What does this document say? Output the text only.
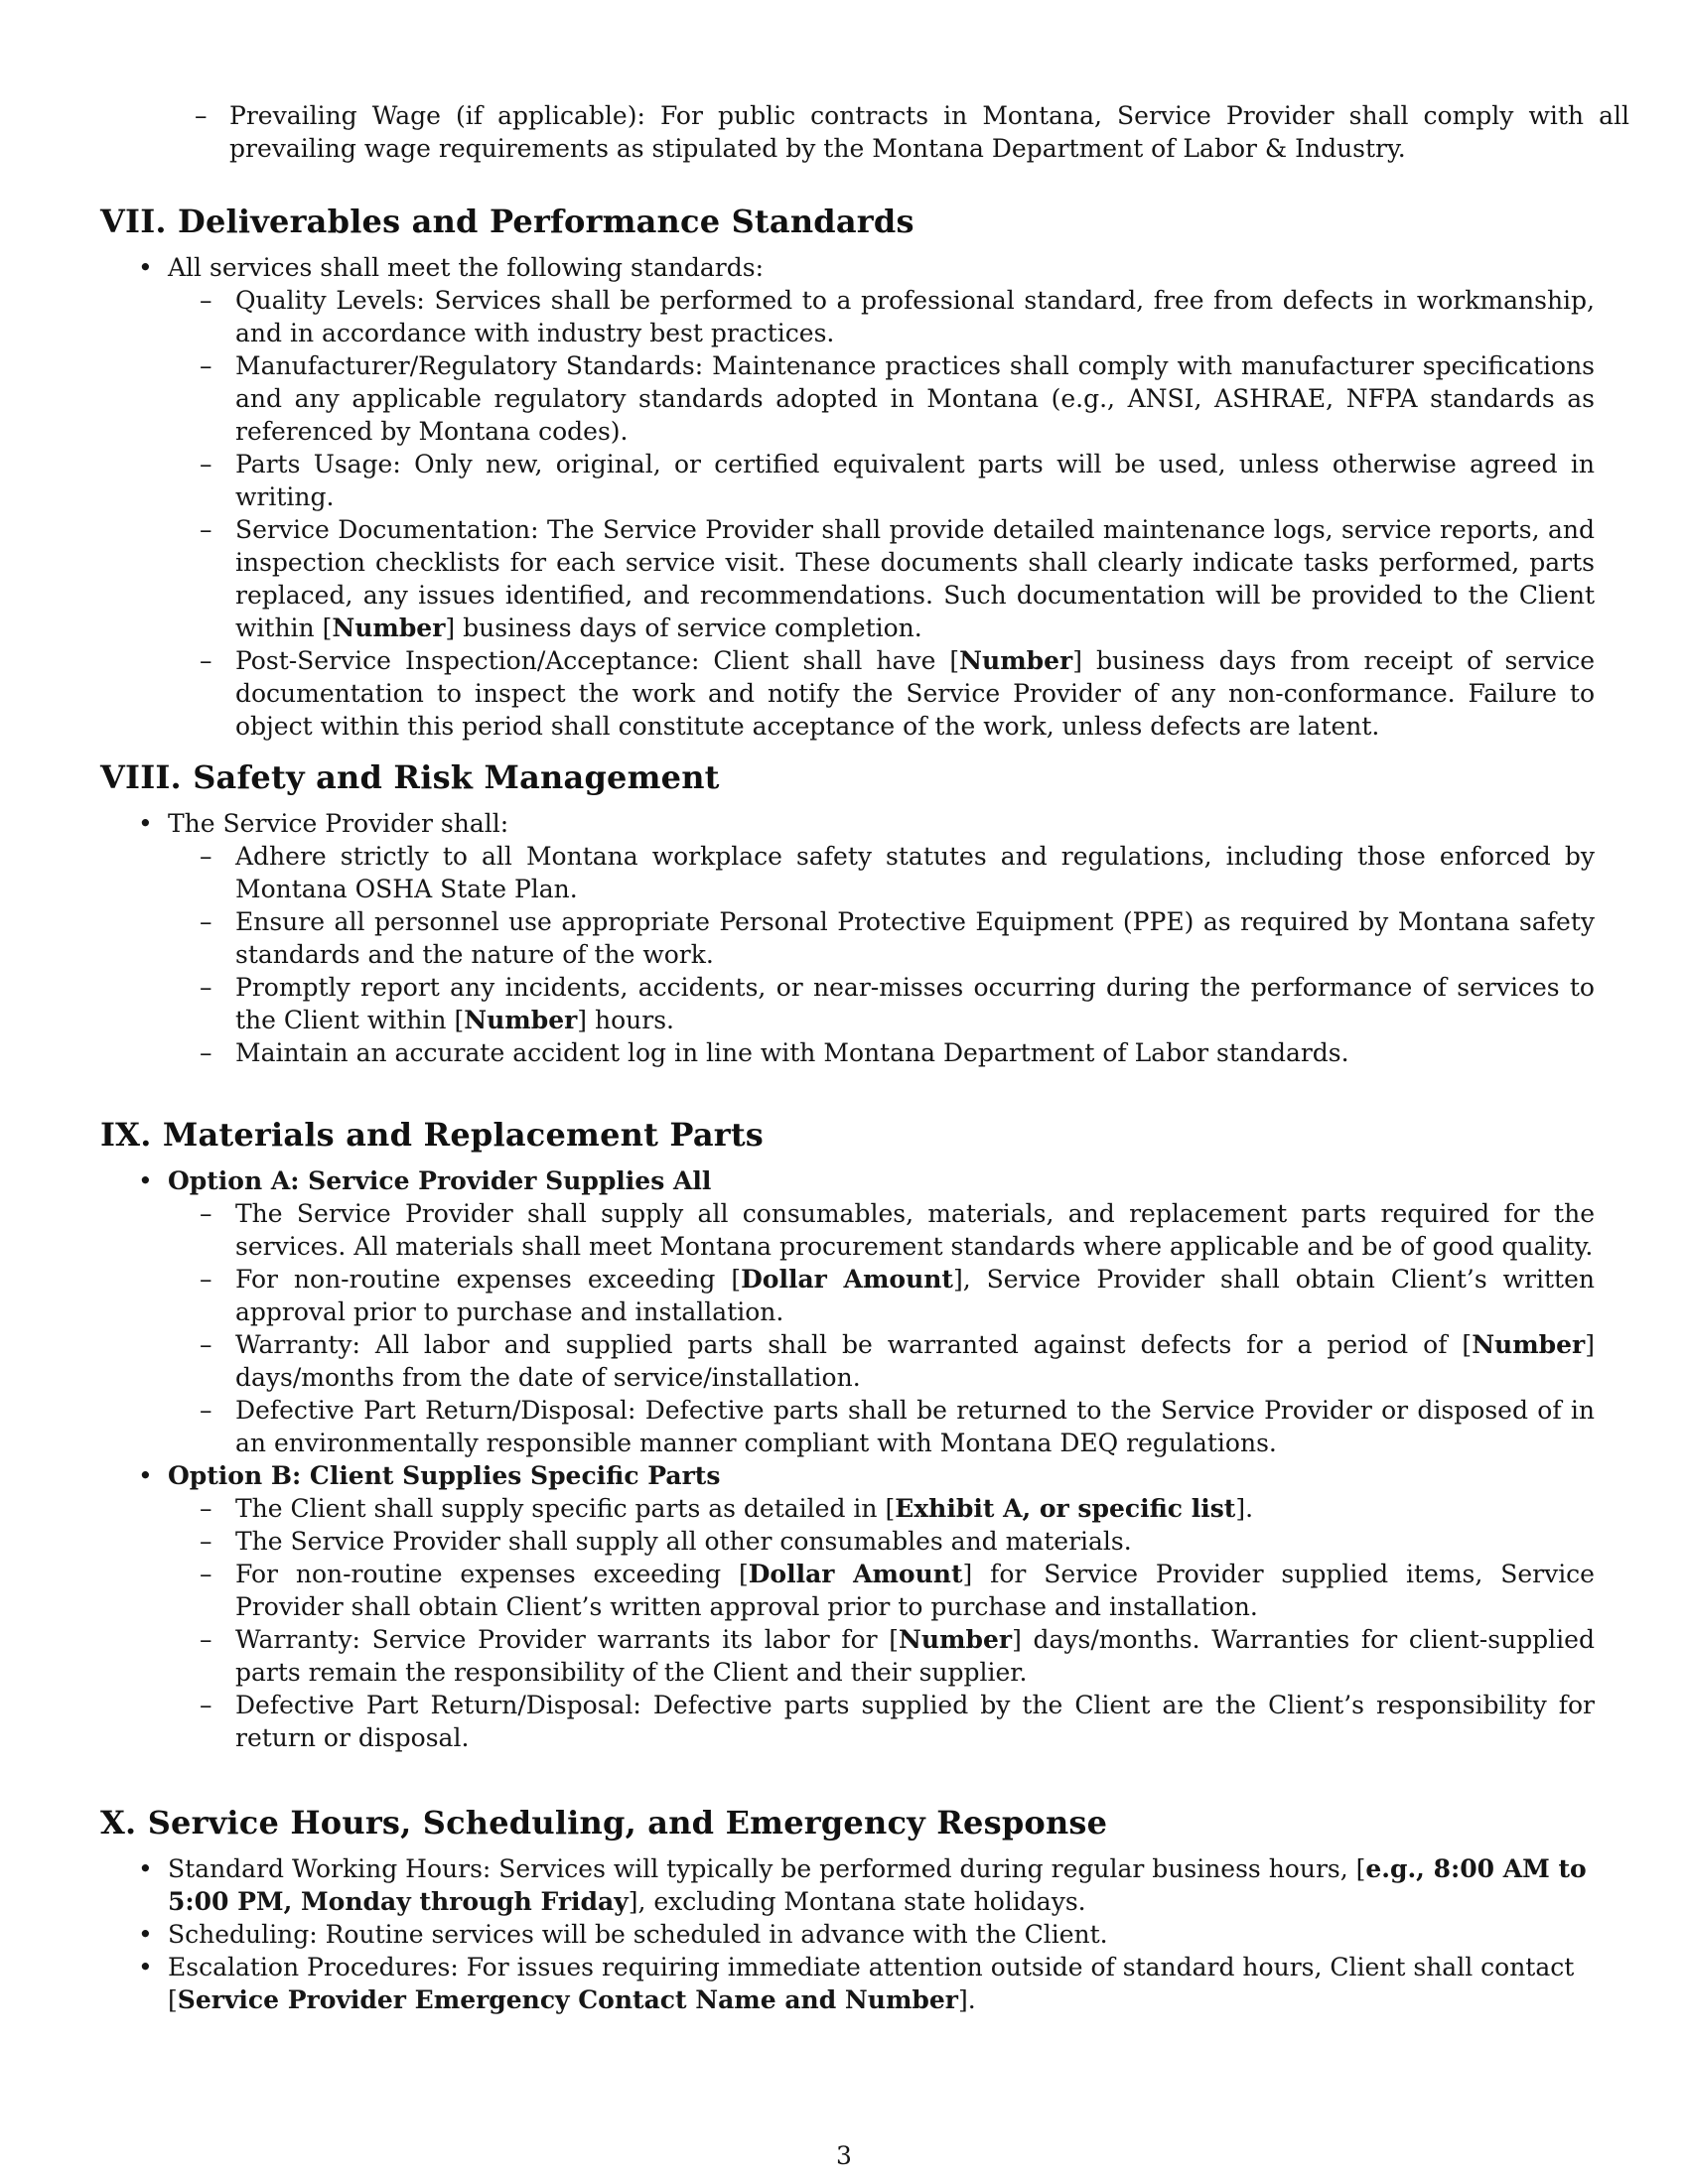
– Prevailing Wage (if applicable): For public contracts in Montana, Service Provider shall comply with all prevailing wage requirements as stipulated by the Montana Department of Labor & Industry.
VII. Deliverables and Performance Standards
• All services shall meet the following standards:
– Quality Levels: Services shall be performed to a professional standard, free from defects in workmanship, and in accordance with industry best practices.
– Manufacturer/Regulatory Standards: Maintenance practices shall comply with manufacturer specifications and any applicable regulatory standards adopted in Montana (e.g., ANSI, ASHRAE, NFPA standards as referenced by Montana codes).
– Parts Usage: Only new, original, or certified equivalent parts will be used, unless otherwise agreed in writing.
– Service Documentation: The Service Provider shall provide detailed maintenance logs, service reports, and inspection checklists for each service visit. These documents shall clearly indicate tasks performed, parts replaced, any issues identified, and recommendations. Such documentation will be provided to the Client within [Number] business days of service completion.
– Post-Service Inspection/Acceptance: Client shall have [Number] business days from receipt of service documentation to inspect the work and notify the Service Provider of any non-conformance. Failure to object within this period shall constitute acceptance of the work, unless defects are latent.
VIII. Safety and Risk Management
• The Service Provider shall:
– Adhere strictly to all Montana workplace safety statutes and regulations, including those enforced by Montana OSHA State Plan.
– Ensure all personnel use appropriate Personal Protective Equipment (PPE) as required by Montana safety standards and the nature of the work.
– Promptly report any incidents, accidents, or near-misses occurring during the performance of services to the Client within [Number] hours.
– Maintain an accurate accident log in line with Montana Department of Labor standards.
IX. Materials and Replacement Parts
• Option A: Service Provider Supplies All
– The Service Provider shall supply all consumables, materials, and replacement parts required for the services. All materials shall meet Montana procurement standards where applicable and be of good quality.
– For non-routine expenses exceeding [Dollar Amount], Service Provider shall obtain Client’s written approval prior to purchase and installation.
– Warranty: All labor and supplied parts shall be warranted against defects for a period of [Number] days/months from the date of service/installation.
– Defective Part Return/Disposal: Defective parts shall be returned to the Service Provider or disposed of in an environmentally responsible manner compliant with Montana DEQ regulations.
• Option B: Client Supplies Specific Parts
– The Client shall supply specific parts as detailed in [Exhibit A, or specific list].
– The Service Provider shall supply all other consumables and materials.
– For non-routine expenses exceeding [Dollar Amount] for Service Provider supplied items, Service Provider shall obtain Client’s written approval prior to purchase and installation.
– Warranty: Service Provider warrants its labor for [Number] days/months. Warranties for client-supplied parts remain the responsibility of the Client and their supplier.
– Defective Part Return/Disposal: Defective parts supplied by the Client are the Client’s responsibility for return or disposal.
X. Service Hours, Scheduling, and Emergency Response
• Standard Working Hours: Services will typically be performed during regular business hours, [e.g., 8:00 AM to 5:00 PM, Monday through Friday], excluding Montana state holidays.
• Scheduling: Routine services will be scheduled in advance with the Client.
• Escalation Procedures: For issues requiring immediate attention outside of standard hours, Client shall contact [Service Provider Emergency Contact Name and Number].
3
